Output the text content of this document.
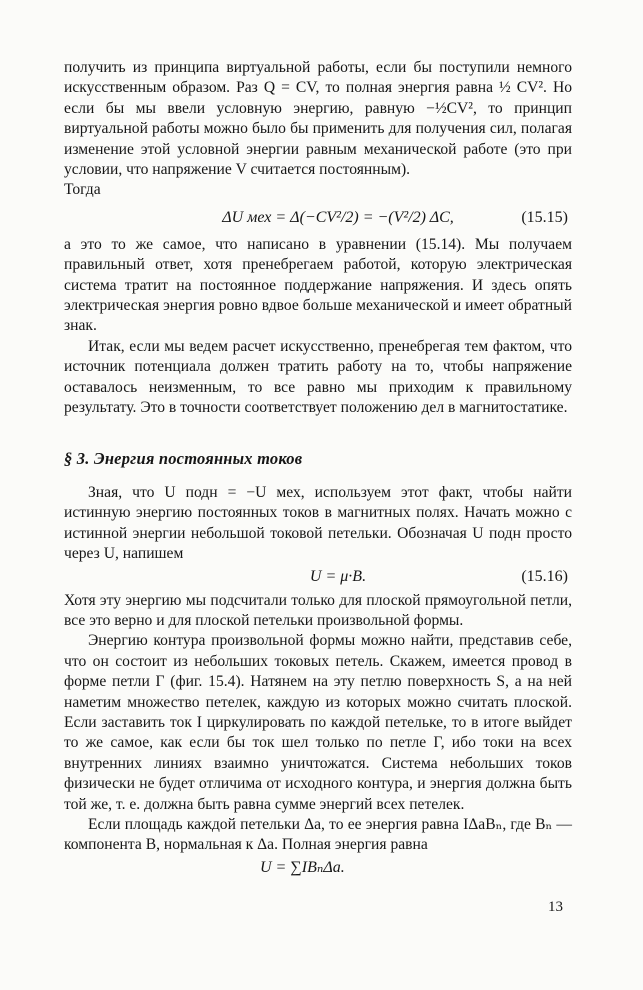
получить из принципа виртуальной работы, если бы поступили немного искусственным образом. Раз Q = CV, то полная энергия равна ½ CV². Но если бы мы ввели условную энергию, равную −½CV², то принцип виртуальной работы можно было бы применить для получения сил, полагая изменение этой условной энергии равным механической работе (это при условии, что напряжение V считается постоянным).

Тогда

ΔU мех = Δ(−CV²/2) = −(V²/2) ΔC,	(15.15)

а это то же самое, что написано в уравнении (15.14). Мы получаем правильный ответ, хотя пренебрегаем работой, которую электрическая система тратит на постоянное поддержание напряжения. И здесь опять электрическая энергия ровно вдвое больше механической и имеет обратный знак.

Итак, если мы ведем расчет искусственно, пренебрегая тем фактом, что источник потенциала должен тратить работу на то, чтобы напряжение оставалось неизменным, то все равно мы приходим к правильному результату. Это в точности соответствует положению дел в магнитостатике.

§ 3. Энергия постоянных токов

Зная, что U подн = −U мех, используем этот факт, чтобы найти истинную энергию постоянных токов в магнитных полях. Начать можно с истинной энергии небольшой токовой петельки. Обозначая U подн просто через U, напишем

U = μ·B.	(15.16)

Хотя эту энергию мы подсчитали только для плоской прямоугольной петли, все это верно и для плоской петельки произвольной формы.

Энергию контура произвольной формы можно найти, представив себе, что он состоит из небольших токовых петель. Скажем, имеется провод в форме петли Г (фиг. 15.4). Натянем на эту петлю поверхность S, а на ней наметим множество петелек, каждую из которых можно считать плоской. Если заставить ток I циркулировать по каждой петельке, то в итоге выйдет то же самое, как если бы ток шел только по петле Г, ибо токи на всех внутренних линиях взаимно уничтожатся. Система небольших токов физически не будет отличима от исходного контура, и энергия должна быть той же, т. е. должна быть равна сумме энергий всех петелек.

Если площадь каждой петельки Δa, то ее энергия равна IΔaBₙ, где Bₙ — компонента B, нормальная к Δa. Полная энергия равна

U = ∑IBₙΔa.
13
